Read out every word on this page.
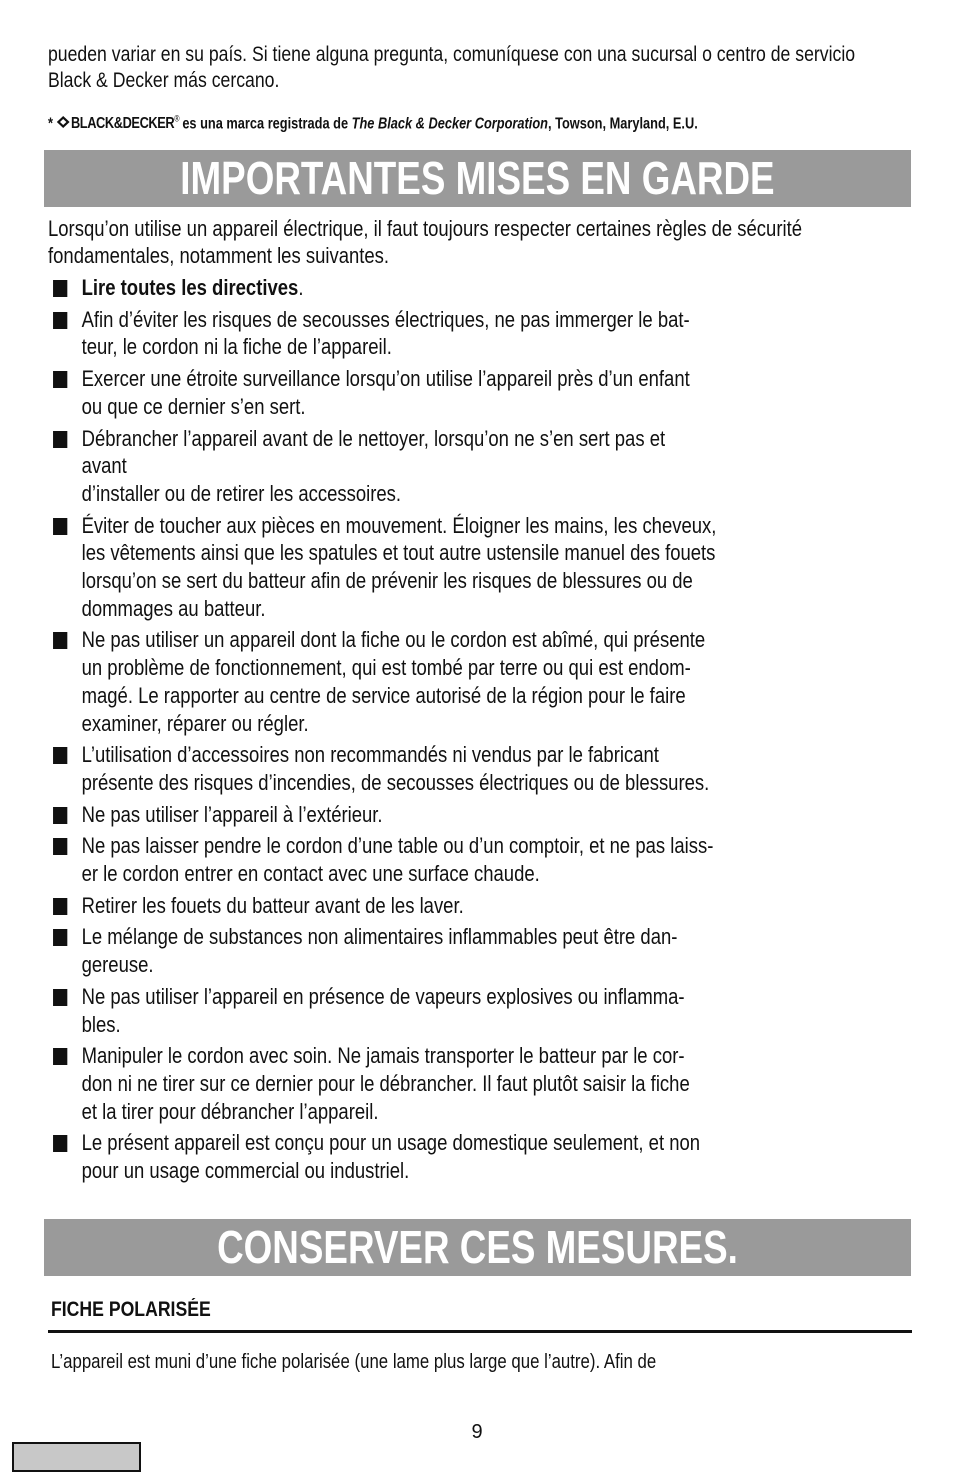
pueden variar en su país. Si tiene alguna pregunta, comuníquese con una sucursal o centro de servicio Black & Decker más cercano.
* BLACK&DECKER® es una marca registrada de The Black & Decker Corporation, Towson, Maryland, E.U.
IMPORTANTES MISES EN GARDE
Lorsqu’on utilise un appareil électrique, il faut toujours respecter certaines règles de sécurité fondamentales, notamment les suivantes.
Lire toutes les directives.
Afin d’éviter les risques de secousses électriques, ne pas immerger le bat-
teur, le cordon ni la fiche de l’appareil.
Exercer une étroite surveillance lorsqu’on utilise l’appareil près d’un enfant
ou que ce dernier s’en sert.
Débrancher l’appareil avant de le nettoyer, lorsqu’on ne s’en sert pas et
avant
d’installer ou de retirer les accessoires.
Éviter de toucher aux pièces en mouvement. Éloigner les mains, les cheveux,
les vêtements ainsi que les spatules et tout autre ustensile manuel des fouets
lorsqu’on se sert du batteur afin de prévenir les risques de blessures ou de
dommages au batteur.
Ne pas utiliser un appareil dont la fiche ou le cordon est abîmé, qui présente
un problème de fonctionnement, qui est tombé par terre ou qui est endom-
magé. Le rapporter au centre de service autorisé de la région pour le faire
examiner, réparer ou régler.
L’utilisation d’accessoires non recommandés ni vendus par le fabricant
présente des risques d’incendies, de secousses électriques ou de blessures.
Ne pas utiliser l’appareil à l’extérieur.
Ne pas laisser pendre le cordon d’une table ou d’un comptoir, et ne pas laiss-
er le cordon entrer en contact avec une surface chaude.
Retirer les fouets du batteur avant de les laver.
Le mélange de substances non alimentaires inflammables peut être dan-
gereuse.
Ne pas utiliser l’appareil en présence de vapeurs explosives ou inflamma-
bles.
Manipuler le cordon avec soin. Ne jamais transporter le batteur par le cor-
don ni ne tirer sur ce dernier pour le débrancher. Il faut plutôt saisir la fiche
et la tirer pour débrancher l’appareil.
Le présent appareil est conçu pour un usage domestique seulement, et non
pour un usage commercial ou industriel.
CONSERVER CES MESURES.
FICHE POLARISÉE
L’appareil est muni d’une fiche polarisée (une lame plus large que l’autre). Afin de
9
